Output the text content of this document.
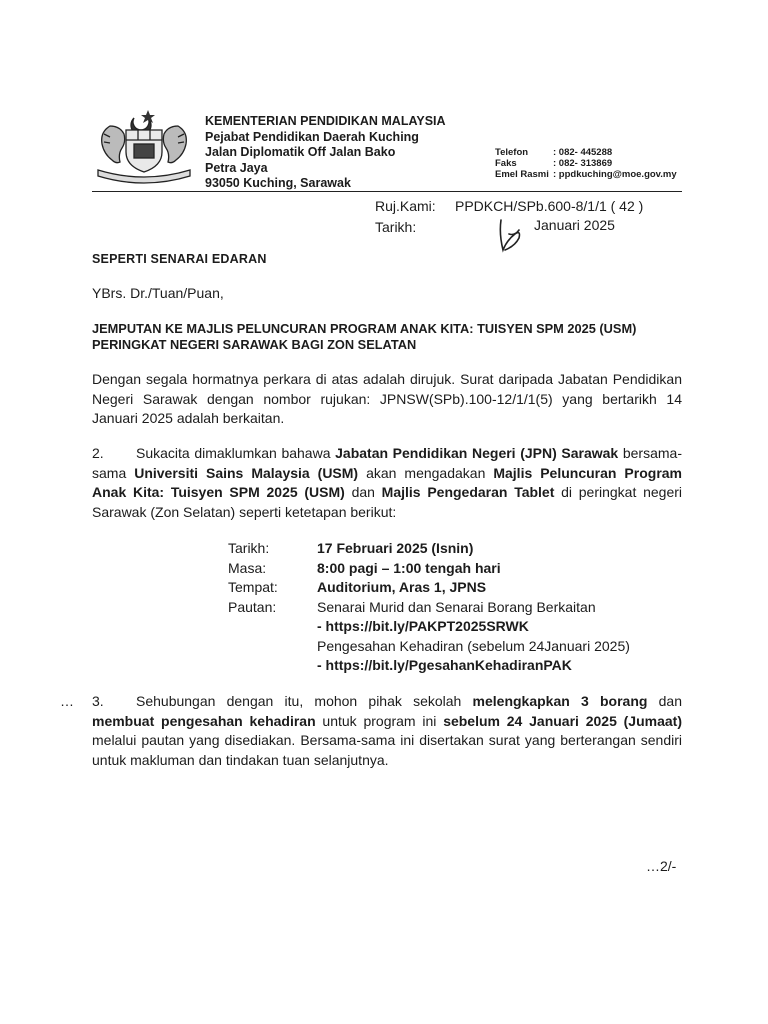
KEMENTERIAN PENDIDIKAN MALAYSIA
Pejabat Pendidikan Daerah Kuching
Jalan Diplomatik Off Jalan Bako
Petra Jaya
93050 Kuching, Sarawak
Telefon	: 082- 445288
Faks	: 082- 313869
Emel Rasmi : ppdkuching@moe.gov.my
Ruj.Kami:	PPDKCH/SPb.600-8/1/1 ( 42 )
Tarikh:	Januari 2025
SEPERTI SENARAI EDARAN
YBrs. Dr./Tuan/Puan,
JEMPUTAN KE MAJLIS PELUNCURAN PROGRAM ANAK KITA: TUISYEN SPM 2025 (USM) PERINGKAT NEGERI SARAWAK BAGI ZON SELATAN
Dengan segala hormatnya perkara di atas adalah dirujuk. Surat daripada Jabatan Pendidikan Negeri Sarawak dengan nombor rujukan: JPNSW(SPb).100-12/1/1(5) yang bertarikh 14 Januari 2025 adalah berkaitan.
2. Sukacita dimaklumkan bahawa Jabatan Pendidikan Negeri (JPN) Sarawak bersama-sama Universiti Sains Malaysia (USM) akan mengadakan Majlis Peluncuran Program Anak Kita: Tuisyen SPM 2025 (USM) dan Majlis Pengedaran Tablet di peringkat negeri Sarawak (Zon Selatan) seperti ketetapan berikut:
Tarikh:	17 Februari 2025 (Isnin)
Masa:	8:00 pagi – 1:00 tengah hari
Tempat:	Auditorium, Aras 1, JPNS
Pautan:	Senarai Murid dan Senarai Borang Berkaitan
- https://bit.ly/PAKPT2025SRWK
Pengesahan Kehadiran (sebelum 24Januari 2025)
- https://bit.ly/PgesahanKehadiranPAK
… 3. Sehubungan dengan itu, mohon pihak sekolah melengkapkan 3 borang dan membuat pengesahan kehadiran untuk program ini sebelum 24 Januari 2025 (Jumaat) melalui pautan yang disediakan. Bersama-sama ini disertakan surat yang berterangan sendiri untuk makluman dan tindakan tuan selanjutnya.
…2/-
